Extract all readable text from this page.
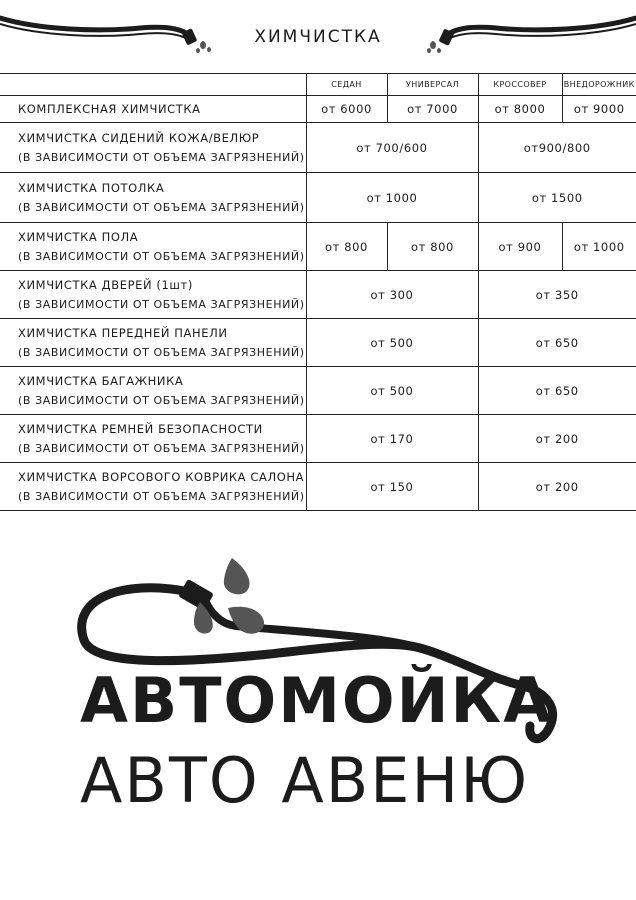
ХИМЧИСТКА
	СЕДАН	УНИВЕРСАЛ	КРОССОВЕР	ВНЕДОРОЖНИК
КОМПЛЕКСНАЯ ХИМЧИСТКА	от 6000	от 7000	от 8000	от 9000
ХИМЧИСТКА СИДЕНИЙ КОЖА/ВЕЛЮР
(В ЗАВИСИМОСТИ ОТ ОБЪЕМА ЗАГРЯЗНЕНИЙ)	от 700/600		от900/800	
ХИМЧИСТКА ПОТОЛКА
(В ЗАВИСИМОСТИ ОТ ОБЪЕМА ЗАГРЯЗНЕНИЙ)	от 1000		от 1500	
ХИМЧИСТКА ПОЛА
(В ЗАВИСИМОСТИ ОТ ОБЪЕМА ЗАГРЯЗНЕНИЙ)	от 800	от 800	от 900	от 1000
ХИМЧИСТКА ДВЕРЕЙ (1шт)
(В ЗАВИСИМОСТИ ОТ ОБЪЕМА ЗАГРЯЗНЕНИЙ)	от 300		от 350	
ХИМЧИСТКА ПЕРЕДНЕЙ ПАНЕЛИ
(В ЗАВИСИМОСТИ ОТ ОБЪЕМА ЗАГРЯЗНЕНИЙ)	от 500		от 650	
ХИМЧИСТКА БАГАЖНИКА
(В ЗАВИСИМОСТИ ОТ ОБЪЕМА ЗАГРЯЗНЕНИЙ)	от 500		от 650	
ХИМЧИСТКА РЕМНЕЙ БЕЗОПАСНОСТИ
(В ЗАВИСИМОСТИ ОТ ОБЪЕМА ЗАГРЯЗНЕНИЙ)	от 170		от 200	
ХИМЧИСТКА ВОРСОВОГО КОВРИКА САЛОНА
(В ЗАВИСИМОСТИ ОТ ОБЪЕМА ЗАГРЯЗНЕНИЙ)	от 150		от 200	
АВТОМОЙКА
АВТО АВЕНЮ
